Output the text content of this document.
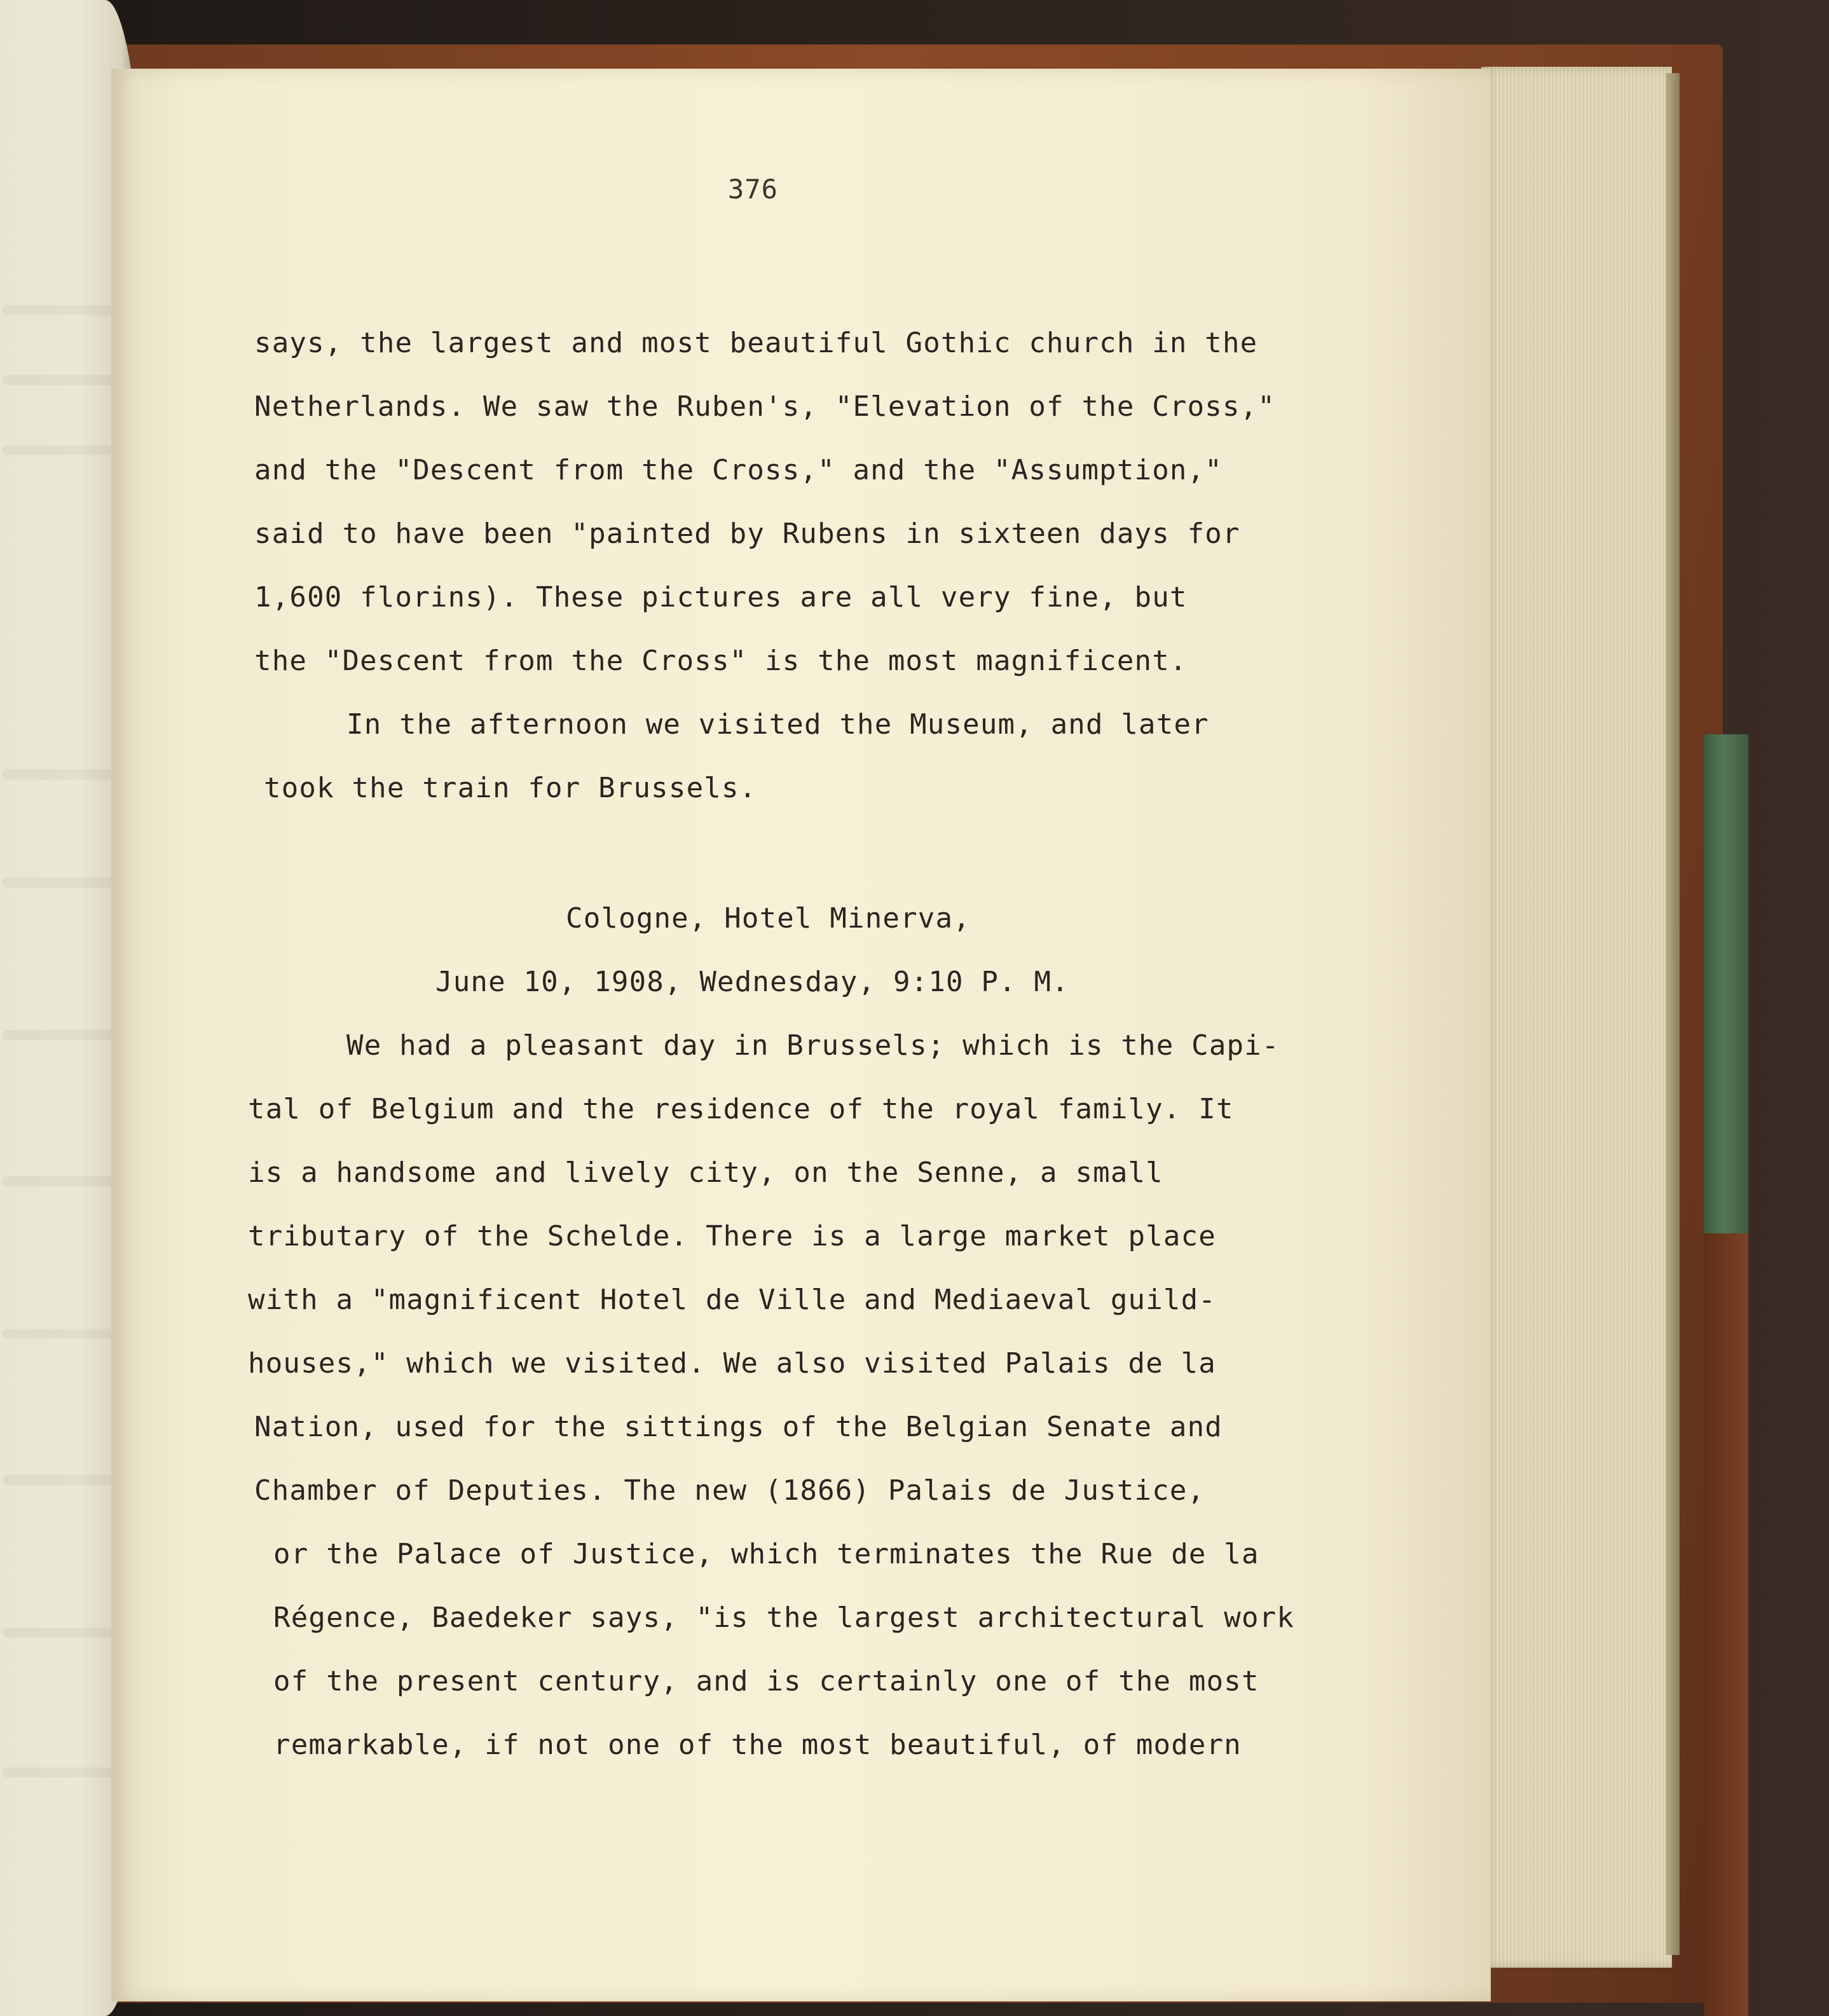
376

says, the largest and most beautiful Gothic church in the

Netherlands. We saw the Ruben's, "Elevation of the Cross,"

and the "Descent from the Cross," and the "Assumption,"

said to have been "painted by Rubens in sixteen days for

1,600 florins). These pictures are all very fine, but

the "Descent from the Cross" is the most magnificent.

In the afternoon we visited the Museum, and later

took the train for Brussels.

Cologne, Hotel Minerva,

June 10, 1908, Wednesday, 9:10 P. M.

We had a pleasant day in Brussels; which is the Capi-

tal of Belgium and the residence of the royal family. It

is a handsome and lively city, on the Senne, a small

tributary of the Schelde. There is a large market place

with a "magnificent Hotel de Ville and Mediaeval guild-

houses," which we visited. We also visited Palais de la

Nation, used for the sittings of the Belgian Senate and

Chamber of Deputies. The new (1866) Palais de Justice,

or the Palace of Justice, which terminates the Rue de la

Régence, Baedeker says, "is the largest architectural work

of the present century, and is certainly one of the most

remarkable, if not one of the most beautiful, of modern
